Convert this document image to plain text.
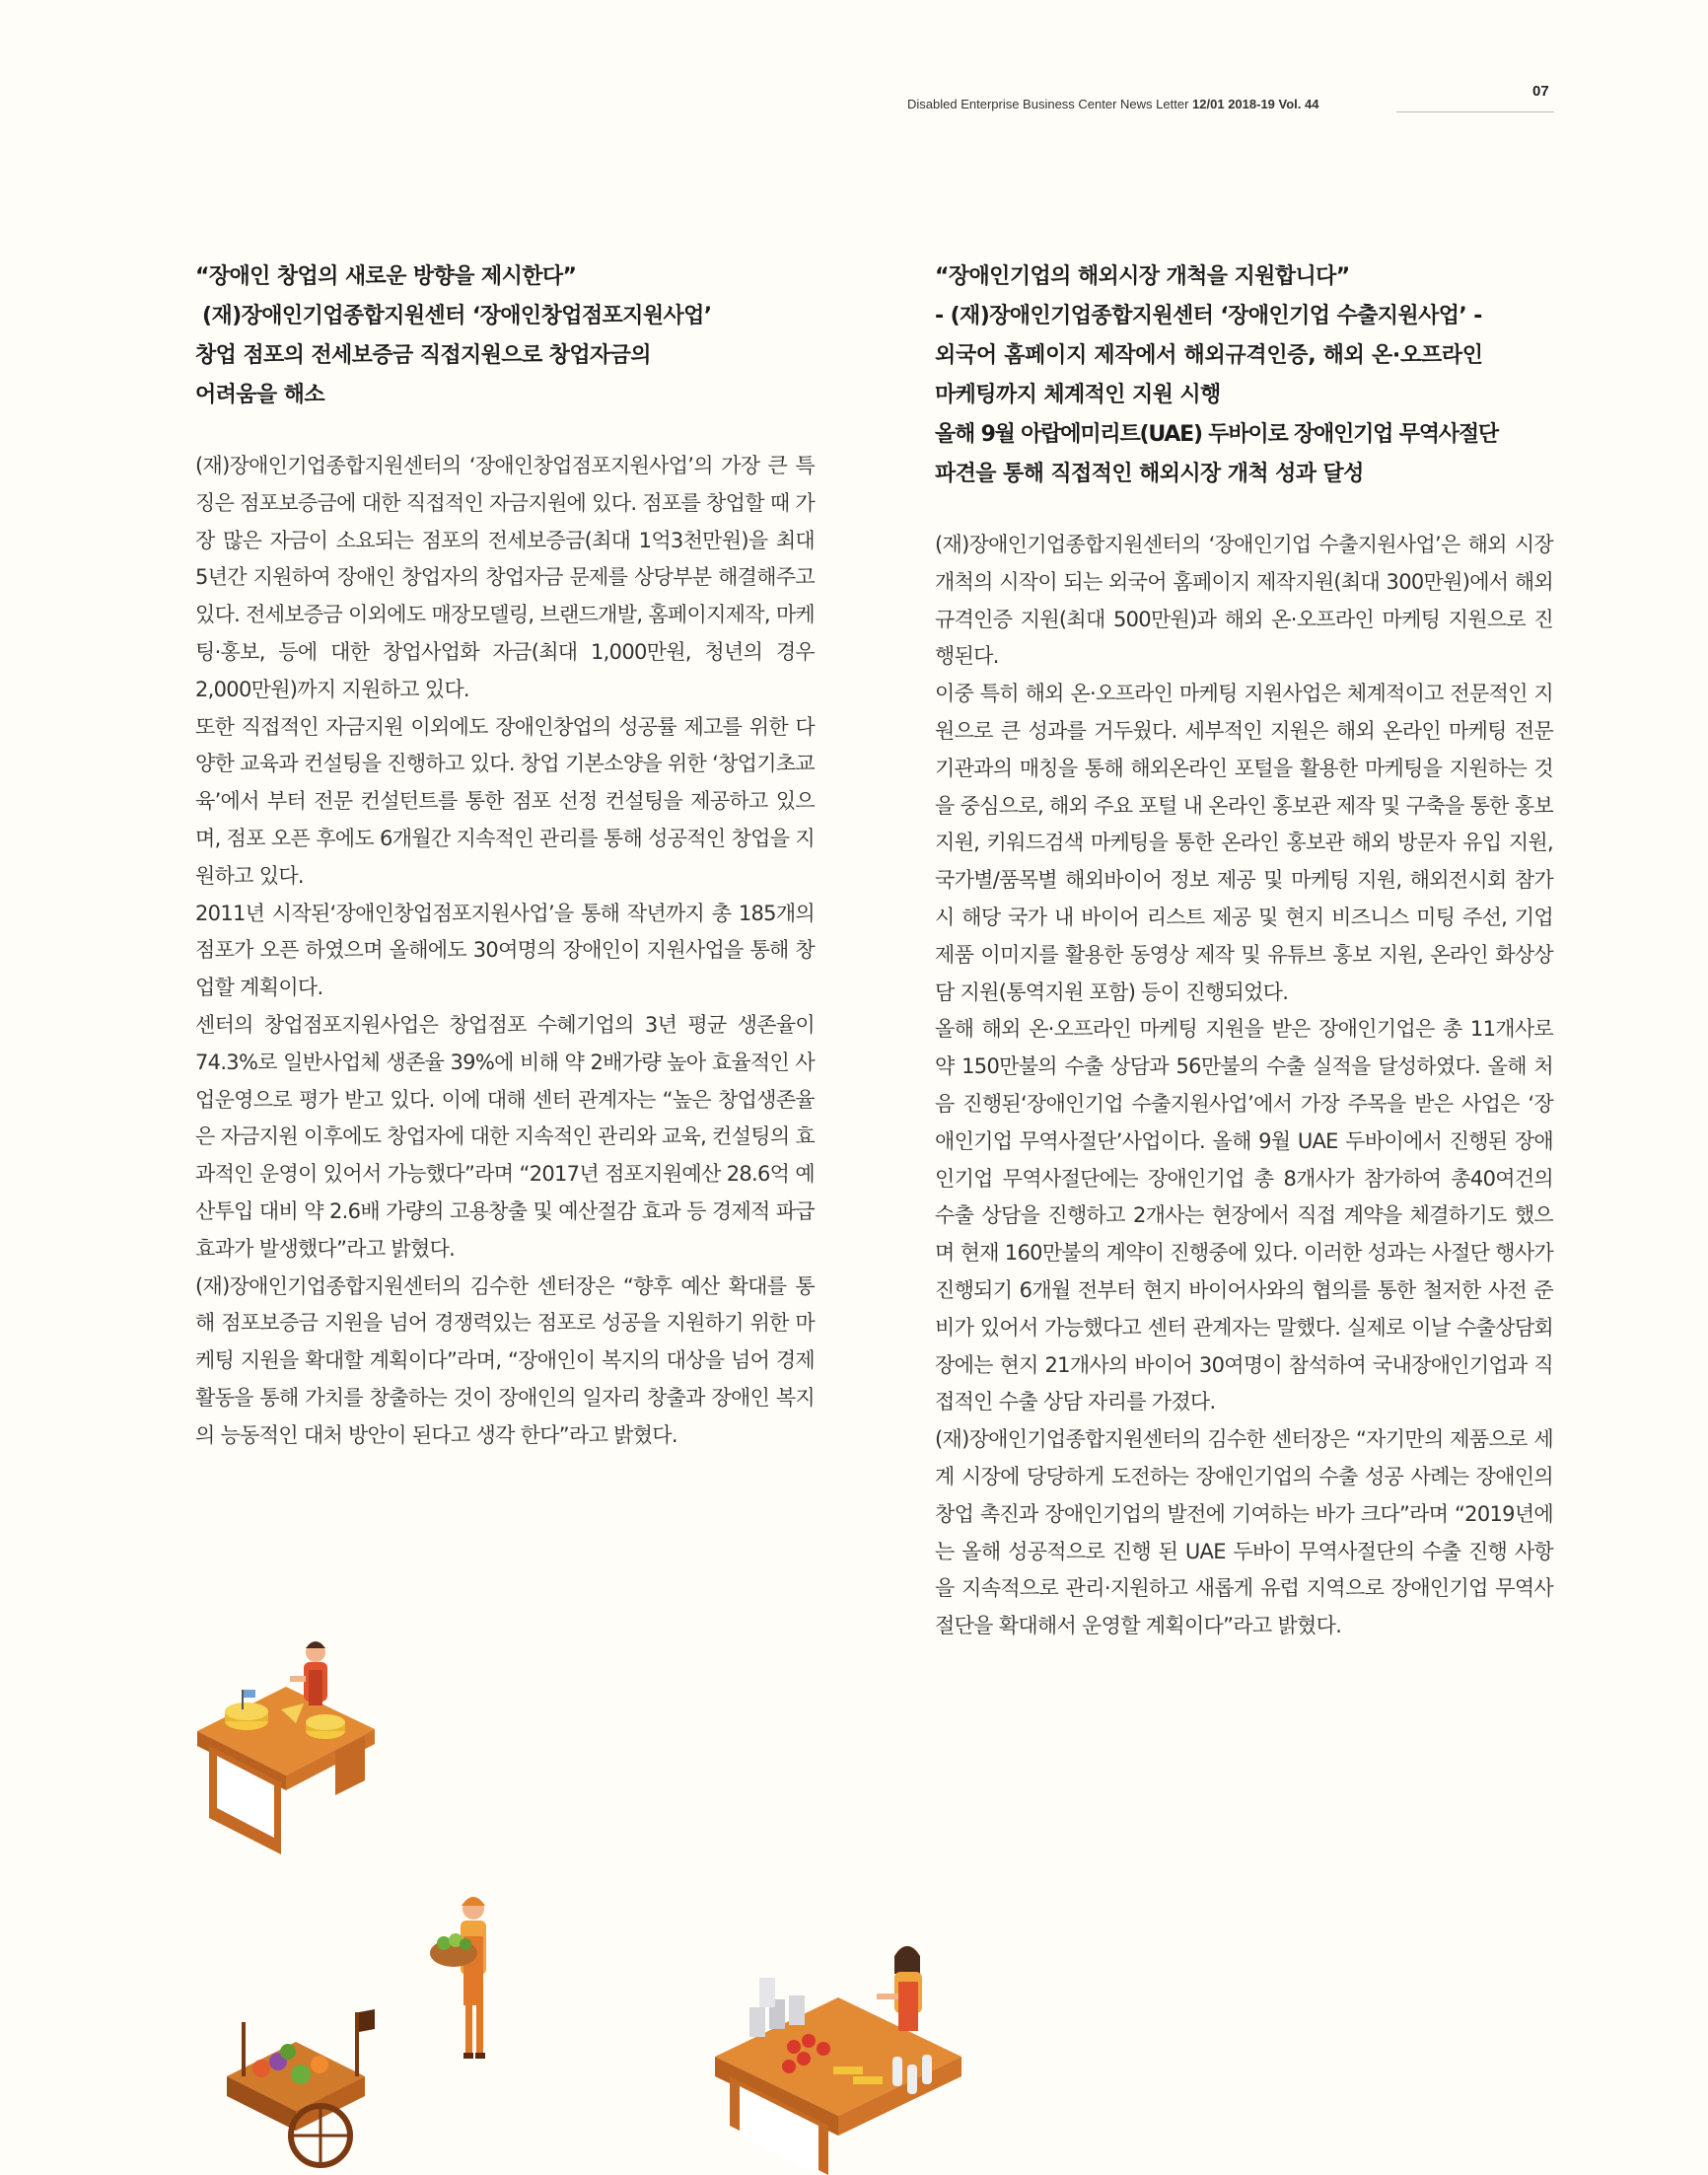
Disabled Enterprise Business Center News Letter 12/01 2018-19 Vol. 44
07
“장애인 창업의 새로운 방향을 제시한다”
(재)장애인기업종합지원센터 ‘장애인창업점포지원사업’
창업 점포의 전세보증금 직접지원으로 창업자금의
어려움을 해소

(재)장애인기업종합지원센터의 ‘장애인창업점포지원사업’의 가장 큰 특징은 점포보증금에 대한 직접적인 자금지원에 있다. 점포를 창업할 때 가장 많은 자금이 소요되는 점포의 전세보증금(최대 1억3천만원)을 최대 5년간 지원하여 장애인 창업자의 창업자금 문제를 상당부분 해결해주고 있다. 전세보증금 이외에도 매장모델링, 브랜드개발, 홈페이지제작, 마케팅·홍보, 등에 대한 창업사업화 자금(최대 1,000만원, 청년의 경우 2,000만원)까지 지원하고 있다.

또한 직접적인 자금지원 이외에도 장애인창업의 성공률 제고를 위한 다양한 교육과 컨설팅을 진행하고 있다. 창업 기본소양을 위한 ‘창업기초교육’에서 부터 전문 컨설턴트를 통한 점포 선정 컨설팅을 제공하고 있으며, 점포 오픈 후에도 6개월간 지속적인 관리를 통해 성공적인 창업을 지원하고 있다.

2011년 시작된‘장애인창업점포지원사업’을 통해 작년까지 총 185개의 점포가 오픈 하였으며 올해에도 30여명의 장애인이 지원사업을 통해 창업할 계획이다.

센터의 창업점포지원사업은 창업점포 수혜기업의 3년 평균 생존율이 74.3%로 일반사업체 생존율 39%에 비해 약 2배가량 높아 효율적인 사업운영으로 평가 받고 있다. 이에 대해 센터 관계자는 “높은 창업생존율은 자금지원 이후에도 창업자에 대한 지속적인 관리와 교육, 컨설팅의 효과적인 운영이 있어서 가능했다”라며 “2017년 점포지원예산 28.6억 예산투입 대비 약 2.6배 가량의 고용창출 및 예산절감 효과 등 경제적 파급효과가 발생했다”라고 밝혔다.

(재)장애인기업종합지원센터의 김수한 센터장은 “향후 예산 확대를 통해 점포보증금 지원을 넘어 경쟁력있는 점포로 성공을 지원하기 위한 마케팅 지원을 확대할 계획이다”라며, “장애인이 복지의 대상을 넘어 경제활동을 통해 가치를 창출하는 것이 장애인의 일자리 창출과 장애인 복지의 능동적인 대처 방안이 된다고 생각 한다”라고 밝혔다.

“장애인기업의 해외시장 개척을 지원합니다”
- (재)장애인기업종합지원센터 ‘장애인기업 수출지원사업’ -
외국어 홈페이지 제작에서 해외규격인증, 해외 온·오프라인
마케팅까지 체계적인 지원 시행
올해 9월 아랍에미리트(UAE) 두바이로 장애인기업 무역사절단
파견을 통해 직접적인 해외시장 개척 성과 달성

(재)장애인기업종합지원센터의 ‘장애인기업 수출지원사업’은 해외 시장개척의 시작이 되는 외국어 홈페이지 제작지원(최대 300만원)에서 해외규격인증 지원(최대 500만원)과 해외 온·오프라인 마케팅 지원으로 진행된다.

이중 특히 해외 온·오프라인 마케팅 지원사업은 체계적이고 전문적인 지원으로 큰 성과를 거두웠다. 세부적인 지원은 해외 온라인 마케팅 전문 기관과의 매칭을 통해 해외온라인 포털을 활용한 마케팅을 지원하는 것을 중심으로, 해외 주요 포털 내 온라인 홍보관 제작 및 구축을 통한 홍보 지원, 키워드검색 마케팅을 통한 온라인 홍보관 해외 방문자 유입 지원, 국가별/품목별 해외바이어 정보 제공 및 마케팅 지원, 해외전시회 참가 시 해당 국가 내 바이어 리스트 제공 및 현지 비즈니스 미팅 주선, 기업 제품 이미지를 활용한 동영상 제작 및 유튜브 홍보 지원, 온라인 화상상담 지원(통역지원 포함) 등이 진행되었다.

올해 해외 온·오프라인 마케팅 지원을 받은 장애인기업은 총 11개사로 약 150만불의 수출 상담과 56만불의 수출 실적을 달성하였다. 올해 처음 진행된‘장애인기업 수출지원사업’에서 가장 주목을 받은 사업은 ‘장애인기업 무역사절단’사업이다. 올해 9월 UAE 두바이에서 진행된 장애인기업 무역사절단에는 장애인기업 총 8개사가 참가하여 총40여건의 수출 상담을 진행하고 2개사는 현장에서 직접 계약을 체결하기도 했으며 현재 160만불의 계약이 진행중에 있다. 이러한 성과는 사절단 행사가 진행되기 6개월 전부터 현지 바이어사와의 협의를 통한 철저한 사전 준비가 있어서 가능했다고 센터 관계자는 말했다. 실제로 이날 수출상담회장에는 현지 21개사의 바이어 30여명이 참석하여 국내장애인기업과 직접적인 수출 상담 자리를 가졌다.

(재)장애인기업종합지원센터의 김수한 센터장은 “자기만의 제품으로 세계 시장에 당당하게 도전하는 장애인기업의 수출 성공 사례는 장애인의 창업 촉진과 장애인기업의 발전에 기여하는 바가 크다”라며 “2019년에는 올해 성공적으로 진행 된 UAE 두바이 무역사절단의 수출 진행 사항을 지속적으로 관리·지원하고 새롭게 유럽 지역으로 장애인기업 무역사절단을 확대해서 운영할 계획이다”라고 밝혔다.
